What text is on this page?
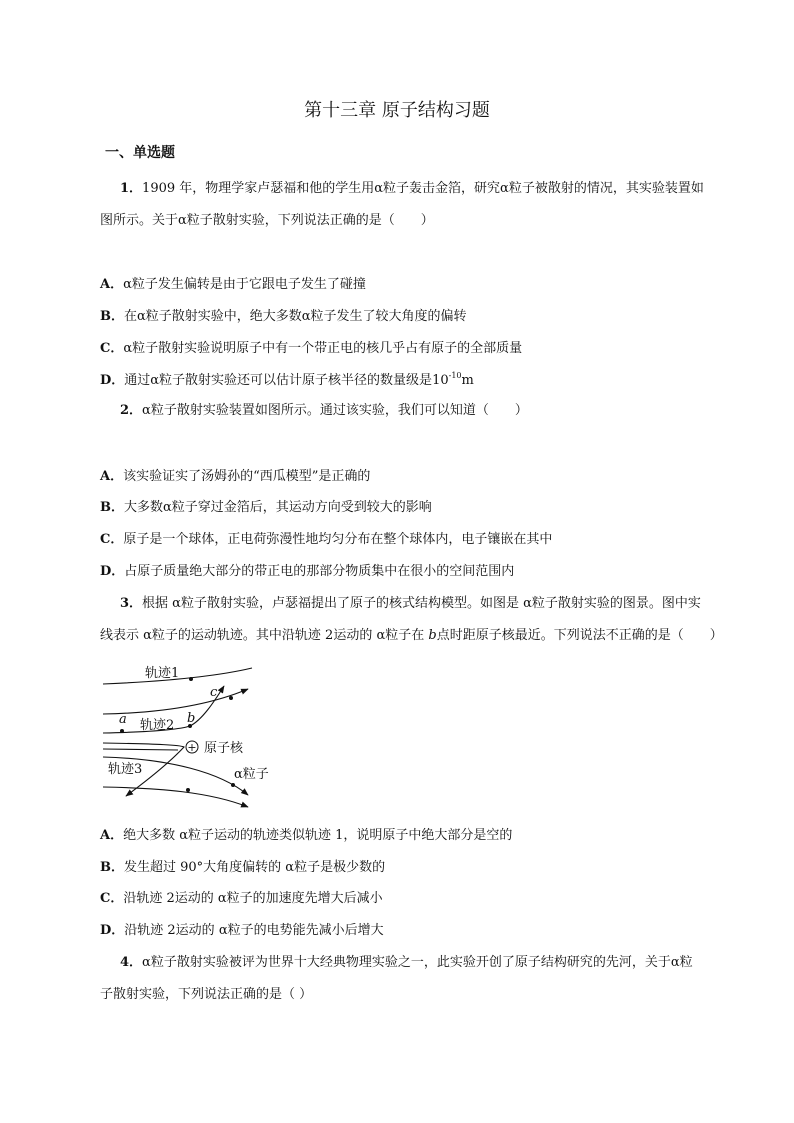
第十三章 原子结构习题
一、单选题
1．1909 年，物理学家卢瑟福和他的学生用α粒子轰击金箔，研究α粒子被散射的情况，其实验装置如
图所示。关于α粒子散射实验，下列说法正确的是（　　）
A．α粒子发生偏转是由于它跟电子发生了碰撞
B．在α粒子散射实验中，绝大多数α粒子发生了较大角度的偏转
C．α粒子散射实验说明原子中有一个带正电的核几乎占有原子的全部质量
D．通过α粒子散射实验还可以估计原子核半径的数量级是$10^{-10}m$
2．α粒子散射实验装置如图所示。通过该实验，我们可以知道（　　）
A．该实验证实了汤姆孙的“西瓜模型”是正确的
B．大多数α粒子穿过金箔后，其运动方向受到较大的影响
C．原子是一个球体，正电荷弥漫性地均匀分布在整个球体内，电子镶嵌在其中
D．占原子质量绝大部分的带正电的那部分物质集中在很小的空间范围内
3．根据 α粒子散射实验，卢瑟福提出了原子的核式结构模型。如图是 α粒子散射实验的图景。图中实
线表示 α粒子的运动轨迹。其中沿轨迹 2运动的 α粒子在 b点时距原子核最近。下列说法不正确的是（　　）
轨迹1
a 轨迹2 b
c
+ 原子核
轨迹3	α粒子
A．绝大多数 α粒子运动的轨迹类似轨迹 1，说明原子中绝大部分是空的
B．发生超过 90°大角度偏转的 α粒子是极少数的
C．沿轨迹 2运动的 α粒子的加速度先增大后减小
D．沿轨迹 2运动的 α粒子的电势能先减小后增大
4．α粒子散射实验被评为世界十大经典物理实验之一，此实验开创了原子结构研究的先河，关于α粒
子散射实验，下列说法正确的是（ ）
